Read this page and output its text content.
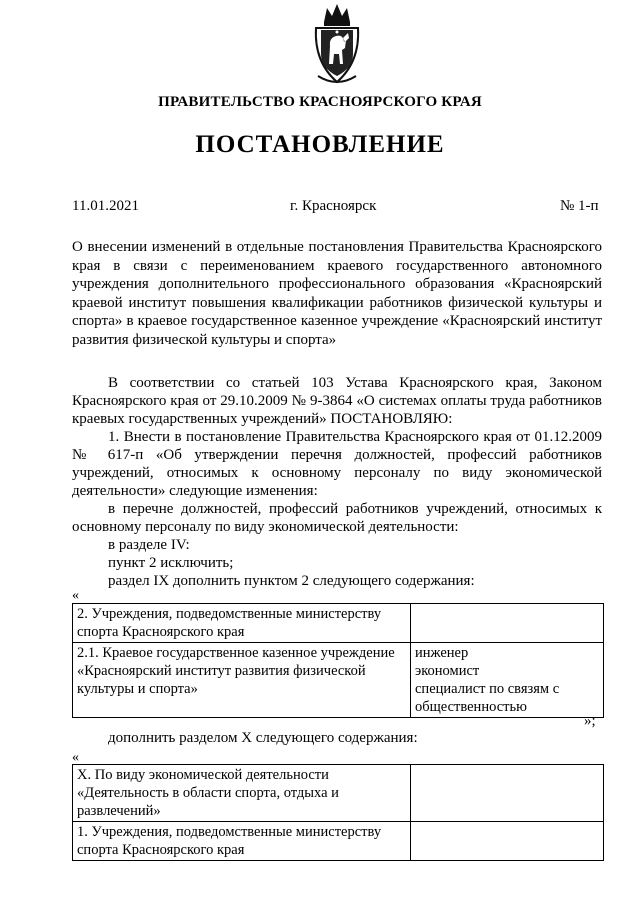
ПРАВИТЕЛЬСТВО КРАСНОЯРСКОГО КРАЯ
ПОСТАНОВЛЕНИЕ
11.01.2021	г. Красноярск	№ 1-п
О внесении изменений в отдельные постановления Правительства Красноярского края в связи с переименованием краевого государственного автономного учреждения дополнительного профессионального образования «Красноярский краевой институт повышения квалификации работников физической культуры и спорта» в краевое государственное казенное учреждение «Красноярский институт развития физической культуры и спорта»

В соответствии со статьей 103 Устава Красноярского края, Законом Красноярского края от 29.10.2009 № 9-3864 «О системах оплаты труда работников краевых государственных учреждений» ПОСТАНОВЛЯЮ:

1. Внести в постановление Правительства Красноярского края от 01.12.2009 № 617-п «Об утверждении перечня должностей, профессий работников учреждений, относимых к основному персоналу по виду экономической деятельности» следующие изменения:

в перечне должностей, профессий работников учреждений, относимых к основному персоналу по виду экономической деятельности:

в разделе IV:

пункт 2 исключить;

раздел IX дополнить пунктом 2 следующего содержания:

«

2. Учреждения, подведомственные министерству спорта Красноярского края	
2.1. Краевое государственное казенное учреждение «Красноярский институт развития физической культуры и спорта»	инженер
экономист
специалист по связям с общественностью
»;
дополнить разделом X следующего содержания:
«
X. По виду экономической деятельности «Деятельность в области спорта, отдыха и развлечений»	
1. Учреждения, подведомственные министерству спорта Красноярского края	
